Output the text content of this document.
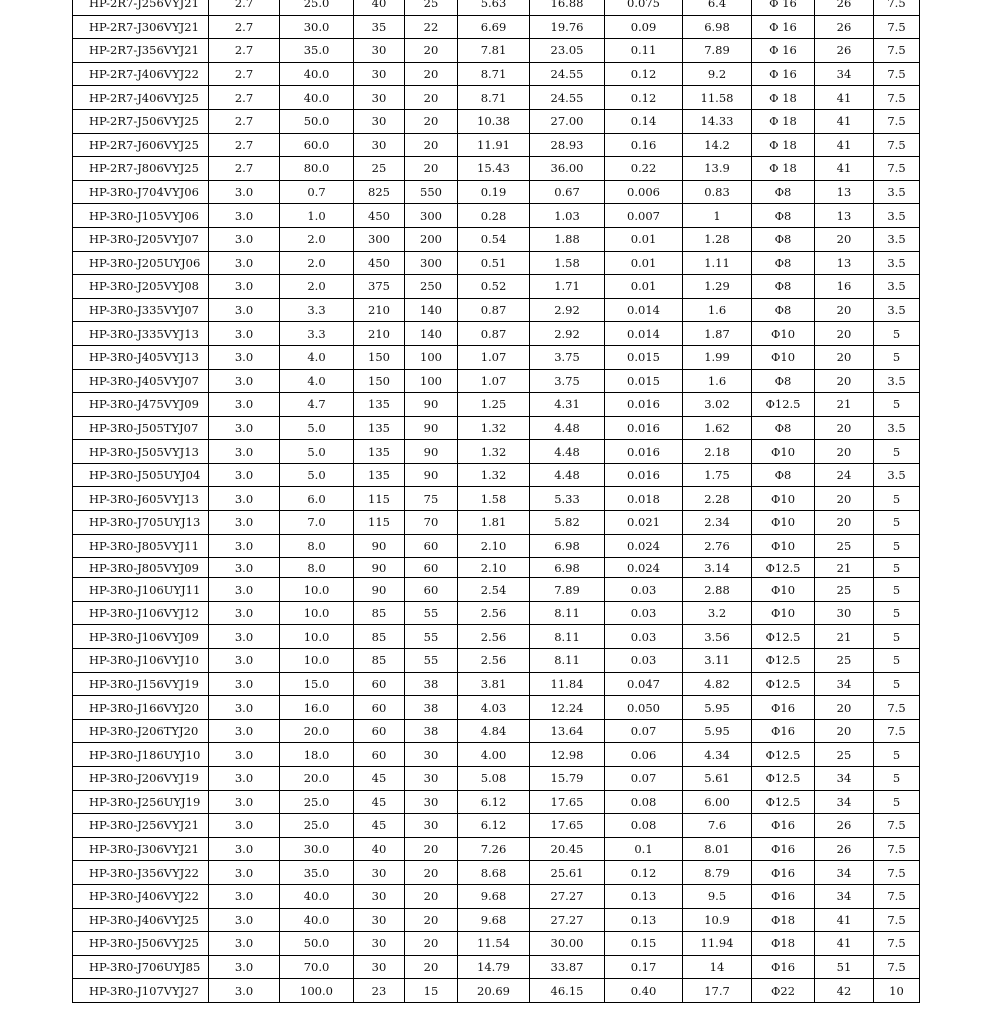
HP-2R7-J256VYJ21	2.7	25.0	40	25	5.63	16.88	0.075	6.4	Φ 16	26	7.5
HP-2R7-J306VYJ21	2.7	30.0	35	22	6.69	19.76	0.09	6.98	Φ 16	26	7.5
HP-2R7-J356VYJ21	2.7	35.0	30	20	7.81	23.05	0.11	7.89	Φ 16	26	7.5
HP-2R7-J406VYJ22	2.7	40.0	30	20	8.71	24.55	0.12	9.2	Φ 16	34	7.5
HP-2R7-J406VYJ25	2.7	40.0	30	20	8.71	24.55	0.12	11.58	Φ 18	41	7.5
HP-2R7-J506VYJ25	2.7	50.0	30	20	10.38	27.00	0.14	14.33	Φ 18	41	7.5
HP-2R7-J606VYJ25	2.7	60.0	30	20	11.91	28.93	0.16	14.2	Φ 18	41	7.5
HP-2R7-J806VYJ25	2.7	80.0	25	20	15.43	36.00	0.22	13.9	Φ 18	41	7.5
HP-3R0-J704VYJ06	3.0	0.7	825	550	0.19	0.67	0.006	0.83	Φ8	13	3.5
HP-3R0-J105VYJ06	3.0	1.0	450	300	0.28	1.03	0.007	1	Φ8	13	3.5
HP-3R0-J205VYJ07	3.0	2.0	300	200	0.54	1.88	0.01	1.28	Φ8	20	3.5
HP-3R0-J205UYJ06	3.0	2.0	450	300	0.51	1.58	0.01	1.11	Φ8	13	3.5
HP-3R0-J205VYJ08	3.0	2.0	375	250	0.52	1.71	0.01	1.29	Φ8	16	3.5
HP-3R0-J335VYJ07	3.0	3.3	210	140	0.87	2.92	0.014	1.6	Φ8	20	3.5
HP-3R0-J335VYJ13	3.0	3.3	210	140	0.87	2.92	0.014	1.87	Φ10	20	5
HP-3R0-J405VYJ13	3.0	4.0	150	100	1.07	3.75	0.015	1.99	Φ10	20	5
HP-3R0-J405VYJ07	3.0	4.0	150	100	1.07	3.75	0.015	1.6	Φ8	20	3.5
HP-3R0-J475VYJ09	3.0	4.7	135	90	1.25	4.31	0.016	3.02	Φ12.5	21	5
HP-3R0-J505TYJ07	3.0	5.0	135	90	1.32	4.48	0.016	1.62	Φ8	20	3.5
HP-3R0-J505VYJ13	3.0	5.0	135	90	1.32	4.48	0.016	2.18	Φ10	20	5
HP-3R0-J505UYJ04	3.0	5.0	135	90	1.32	4.48	0.016	1.75	Φ8	24	3.5
HP-3R0-J605VYJ13	3.0	6.0	115	75	1.58	5.33	0.018	2.28	Φ10	20	5
HP-3R0-J705UYJ13	3.0	7.0	115	70	1.81	5.82	0.021	2.34	Φ10	20	5
HP-3R0-J805VYJ11	3.0	8.0	90	60	2.10	6.98	0.024	2.76	Φ10	25	5
HP-3R0-J805VYJ09	3.0	8.0	90	60	2.10	6.98	0.024	3.14	Φ12.5	21	5
HP-3R0-J106UYJ11	3.0	10.0	90	60	2.54	7.89	0.03	2.88	Φ10	25	5
HP-3R0-J106VYJ12	3.0	10.0	85	55	2.56	8.11	0.03	3.2	Φ10	30	5
HP-3R0-J106VYJ09	3.0	10.0	85	55	2.56	8.11	0.03	3.56	Φ12.5	21	5
HP-3R0-J106VYJ10	3.0	10.0	85	55	2.56	8.11	0.03	3.11	Φ12.5	25	5
HP-3R0-J156VYJ19	3.0	15.0	60	38	3.81	11.84	0.047	4.82	Φ12.5	34	5
HP-3R0-J166VYJ20	3.0	16.0	60	38	4.03	12.24	0.050	5.95	Φ16	20	7.5
HP-3R0-J206TYJ20	3.0	20.0	60	38	4.84	13.64	0.07	5.95	Φ16	20	7.5
HP-3R0-J186UYJ10	3.0	18.0	60	30	4.00	12.98	0.06	4.34	Φ12.5	25	5
HP-3R0-J206VYJ19	3.0	20.0	45	30	5.08	15.79	0.07	5.61	Φ12.5	34	5
HP-3R0-J256UYJ19	3.0	25.0	45	30	6.12	17.65	0.08	6.00	Φ12.5	34	5
HP-3R0-J256VYJ21	3.0	25.0	45	30	6.12	17.65	0.08	7.6	Φ16	26	7.5
HP-3R0-J306VYJ21	3.0	30.0	40	20	7.26	20.45	0.1	8.01	Φ16	26	7.5
HP-3R0-J356VYJ22	3.0	35.0	30	20	8.68	25.61	0.12	8.79	Φ16	34	7.5
HP-3R0-J406VYJ22	3.0	40.0	30	20	9.68	27.27	0.13	9.5	Φ16	34	7.5
HP-3R0-J406VYJ25	3.0	40.0	30	20	9.68	27.27	0.13	10.9	Φ18	41	7.5
HP-3R0-J506VYJ25	3.0	50.0	30	20	11.54	30.00	0.15	11.94	Φ18	41	7.5
HP-3R0-J706UYJ85	3.0	70.0	30	20	14.79	33.87	0.17	14	Φ16	51	7.5
HP-3R0-J107VYJ27	3.0	100.0	23	15	20.69	46.15	0.40	17.7	Φ22	42	10
